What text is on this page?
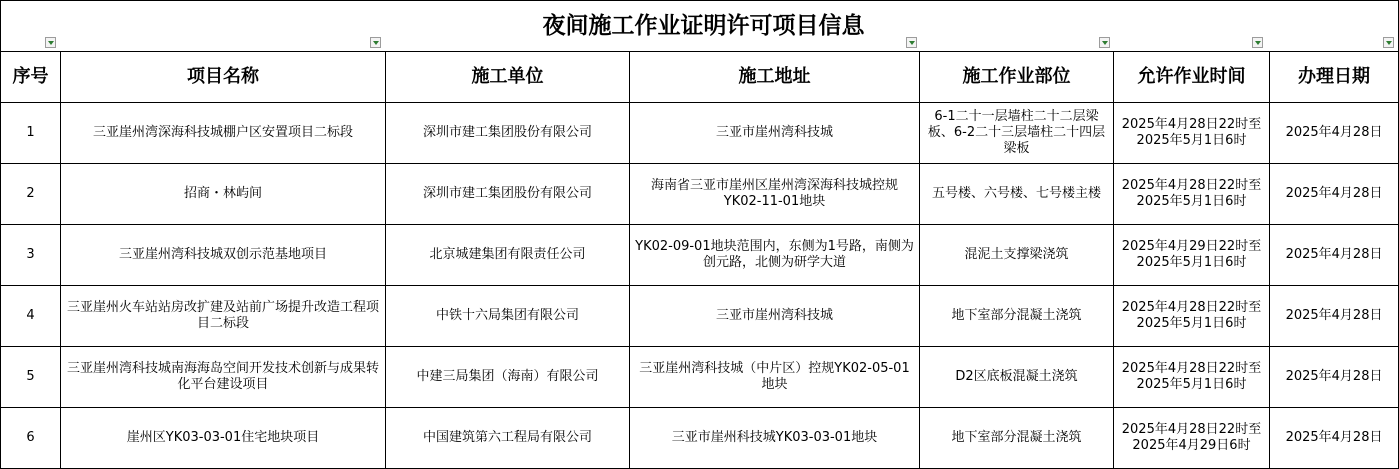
夜间施工作业证明许可项目信息						

序号	项目名称	施工单位	施工地址	施工作业部位	允许作业时间	办理日期
1	三亚崖州湾深海科技城棚户区安置项目二标段	深圳市建工集团股份有限公司	三亚市崖州湾科技城	6-1二十一层墙柱二十二层梁板、6-2二十三层墙柱二十四层梁板	2025年4月28日22时至2025年5月1日6时	2025年4月28日
2	招商・林屿间	深圳市建工集团股份有限公司	海南省三亚市崖州区崖州湾深海科技城控规YK02-11-01地块	五号楼、六号楼、七号楼主楼	2025年4月28日22时至2025年5月1日6时	2025年4月28日
3	三亚崖州湾科技城双创示范基地项目	北京城建集团有限责任公司	YK02-09-01地块范围内，东侧为1号路，南侧为创元路，北侧为研学大道	混泥土支撑梁浇筑	2025年4月29日22时至2025年5月1日6时	2025年4月28日
4	三亚崖州火车站站房改扩建及站前广场提升改造工程项目二标段	中铁十六局集团有限公司	三亚市崖州湾科技城	地下室部分混凝土浇筑	2025年4月28日22时至2025年5月1日6时	2025年4月28日
5	三亚崖州湾科技城南海海岛空间开发技术创新与成果转化平台建设项目	中建三局集团（海南）有限公司	三亚崖州湾科技城（中片区）控规YK02-05-01地块	D2区底板混凝土浇筑	2025年4月28日22时至2025年5月1日6时	2025年4月28日
6	崖州区YK03-03-01住宅地块项目	中国建筑第六工程局有限公司	三亚市崖州科技城YK03-03-01地块	地下室部分混凝土浇筑	2025年4月28日22时至2025年4月29日6时	2025年4月28日
